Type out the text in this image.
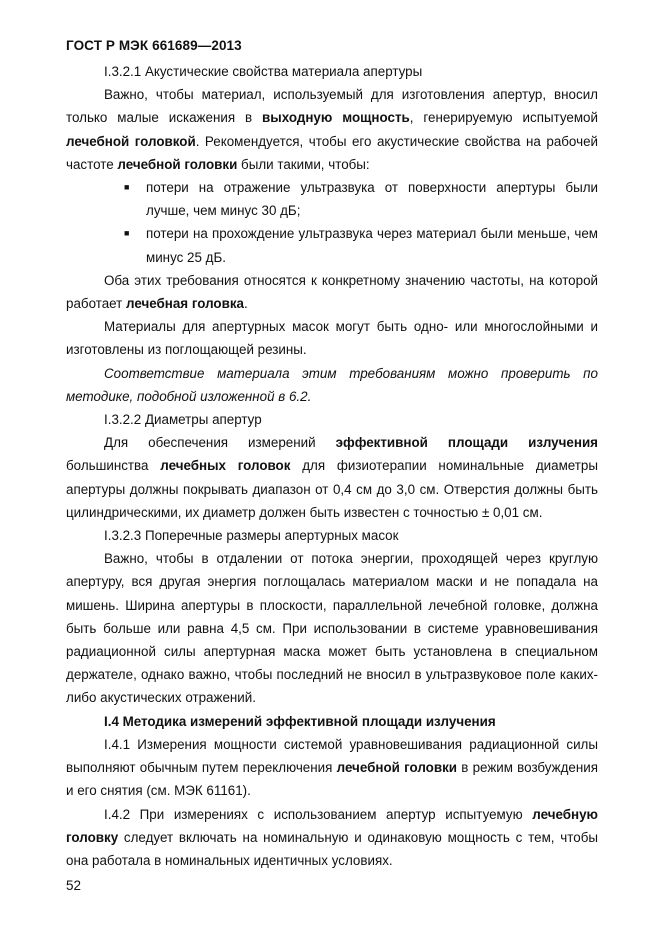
ГОСТ Р МЭК 661689—2013

I.3.2.1 Акустические свойства материала апертуры

Важно, чтобы материал, используемый для изготовления апертур, вносил только малые искажения в выходную мощность, генерируемую испытуемой лечебной головкой. Рекомендуется, чтобы его акустические свойства на рабочей частоте лечебной головки были такими, чтобы:

■ потери на отражение ультразвука от поверхности апертуры были лучше, чем минус 30 дБ;
■ потери на прохождение ультразвука через материал были меньше, чем минус 25 дБ.

Оба этих требования относятся к конкретному значению частоты, на которой работает лечебная головка.

Материалы для апертурных масок могут быть одно- или многослойными и изготовлены из поглощающей резины.

Соответствие материала этим требованиям можно проверить по методике, подобной изложенной в 6.2.

I.3.2.2 Диаметры апертур

Для обеспечения измерений эффективной площади излучения большинства лечебных головок для физиотерапии номинальные диаметры апертуры должны покрывать диапазон от 0,4 см до 3,0 см. Отверстия должны быть цилиндрическими, их диаметр должен быть известен с точностью ± 0,01 см.

I.3.2.3 Поперечные размеры апертурных масок

Важно, чтобы в отдалении от потока энергии, проходящей через круглую апертуру, вся другая энергия поглощалась материалом маски и не попадала на мишень. Ширина апертуры в плоскости, параллельной лечебной головке, должна быть больше или равна 4,5 см. При использовании в системе уравновешивания радиационной силы апертурная маска может быть установлена в специальном держателе, однако важно, чтобы последний не вносил в ультразвуковое поле каких-либо акустических отражений.

I.4 Методика измерений эффективной площади излучения

I.4.1 Измерения мощности системой уравновешивания радиационной силы выполняют обычным путем переключения лечебной головки в режим возбуждения и его снятия (см. МЭК 61161).

I.4.2 При измерениях с использованием апертур испытуемую лечебную головку следует включать на номинальную и одинаковую мощность с тем, чтобы она работала в номинальных идентичных условиях.

52
